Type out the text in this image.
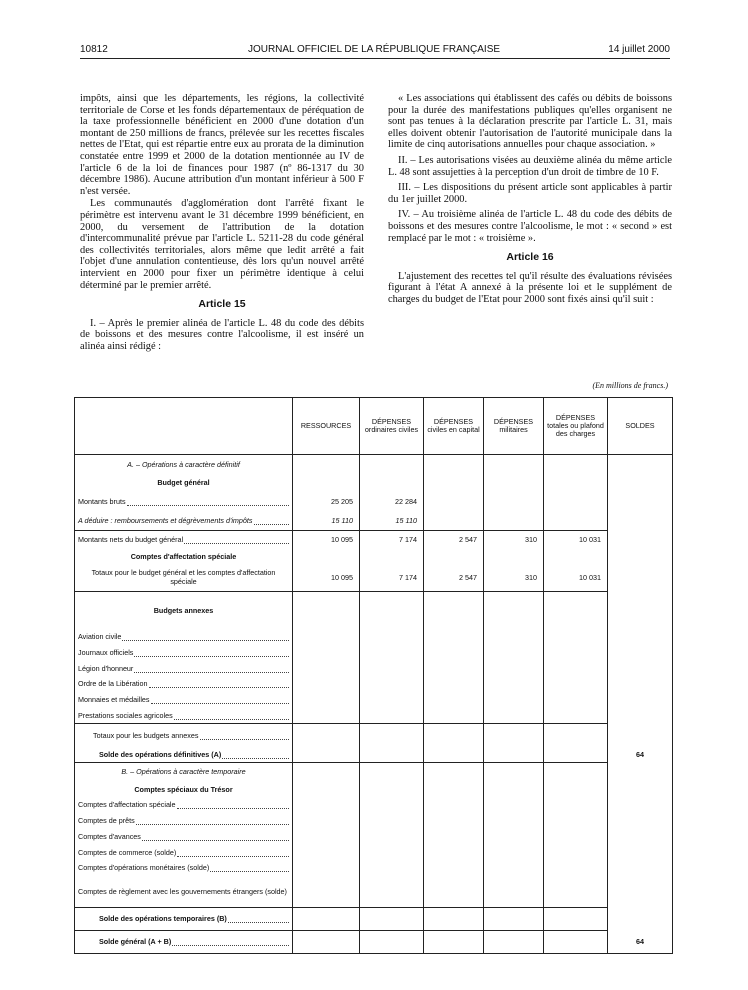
10812	JOURNAL OFFICIEL DE LA RÉPUBLIQUE FRANÇAISE	14 juillet 2000

impôts, ainsi que les départements, les régions, la collectivité territoriale de Corse et les fonds départementaux de péréquation de la taxe professionnelle bénéficient en 2000 d'une dotation d'un montant de 250 millions de francs, prélevée sur les recettes fiscales nettes de l'Etat, qui est répartie entre eux au prorata de la diminution constatée entre 1999 et 2000 de la dotation mentionnée au IV de l'article 6 de la loi de finances pour 1987 (nº 86-1317 du 30 décembre 1986). Aucune attribution d'un montant inférieur à 500 F n'est versée.

Les communautés d'agglomération dont l'arrêté fixant le périmètre est intervenu avant le 31 décembre 1999 bénéficient, en 2000, du versement de l'attribution de la dotation d'intercommunalité prévue par l'article L. 5211-28 du code général des collectivités territoriales, alors même que ledit arrêté a fait l'objet d'une annulation contentieuse, dès lors qu'un nouvel arrêté intervient en 2000 pour fixer un périmètre identique à celui déterminé par le premier arrêté.

Article 15

I. – Après le premier alinéa de l'article L. 48 du code des débits de boissons et des mesures contre l'alcoolisme, il est inséré un alinéa ainsi rédigé :

« Les associations qui établissent des cafés ou débits de boissons pour la durée des manifestations publiques qu'elles organisent ne sont pas tenues à la déclaration prescrite par l'article L. 31, mais elles doivent obtenir l'autorisation de l'autorité municipale dans la limite de cinq autorisations annuelles pour chaque association. »

II. – Les autorisations visées au deuxième alinéa du même article L. 48 sont assujetties à la perception d'un droit de timbre de 10 F.

III. – Les dispositions du présent article sont applicables à partir du 1er juillet 2000.

IV. – Au troisième alinéa de l'article L. 48 du code des débits de boissons et des mesures contre l'alcoolisme, le mot : « second » est remplacé par le mot : « troisième ».

Article 16

L'ajustement des recettes tel qu'il résulte des évaluations révisées figurant à l'état A annexé à la présente loi et le supplément de charges du budget de l'Etat pour 2000 sont fixés ainsi qu'il suit :

(En millions de francs.)
	RESSOURCES	DÉPENSES ordinaires civiles	DÉPENSES civiles en capital	DÉPENSES militaires	DÉPENSES totales ou plafond des charges	SOLDES
A. – Opérations à caractère définitif						
Budget général						

Montants bruts	25 205	22 284				

A déduire : remboursements et dégrèvements d'impôts	15 110	15 110				

Montants nets du budget général	10 095	7 174	2 547	310	10 031	
Comptes d'affectation spéciale						
Totaux pour le budget général et les comptes d'affectation spéciale	10 095	7 174	2 547	310	10 031	
Budgets annexes						

Aviation civile						

Journaux officiels						

Légion d'honneur						

Ordre de la Libération						

Monnaies et médailles						

Prestations sociales agricoles						

Totaux pour les budgets annexes						

Solde des opérations définitives (A)						64
B. – Opérations à caractère temporaire						
Comptes spéciaux du Trésor						

Comptes d'affectation spéciale						

Comptes de prêts						

Comptes d'avances						

Comptes de commerce (solde)						

Comptes d'opérations monétaires (solde)						

Comptes de règlement avec les gouvernements étrangers (solde)						

Solde des opérations temporaires (B)						

Solde général (A + B)						64
